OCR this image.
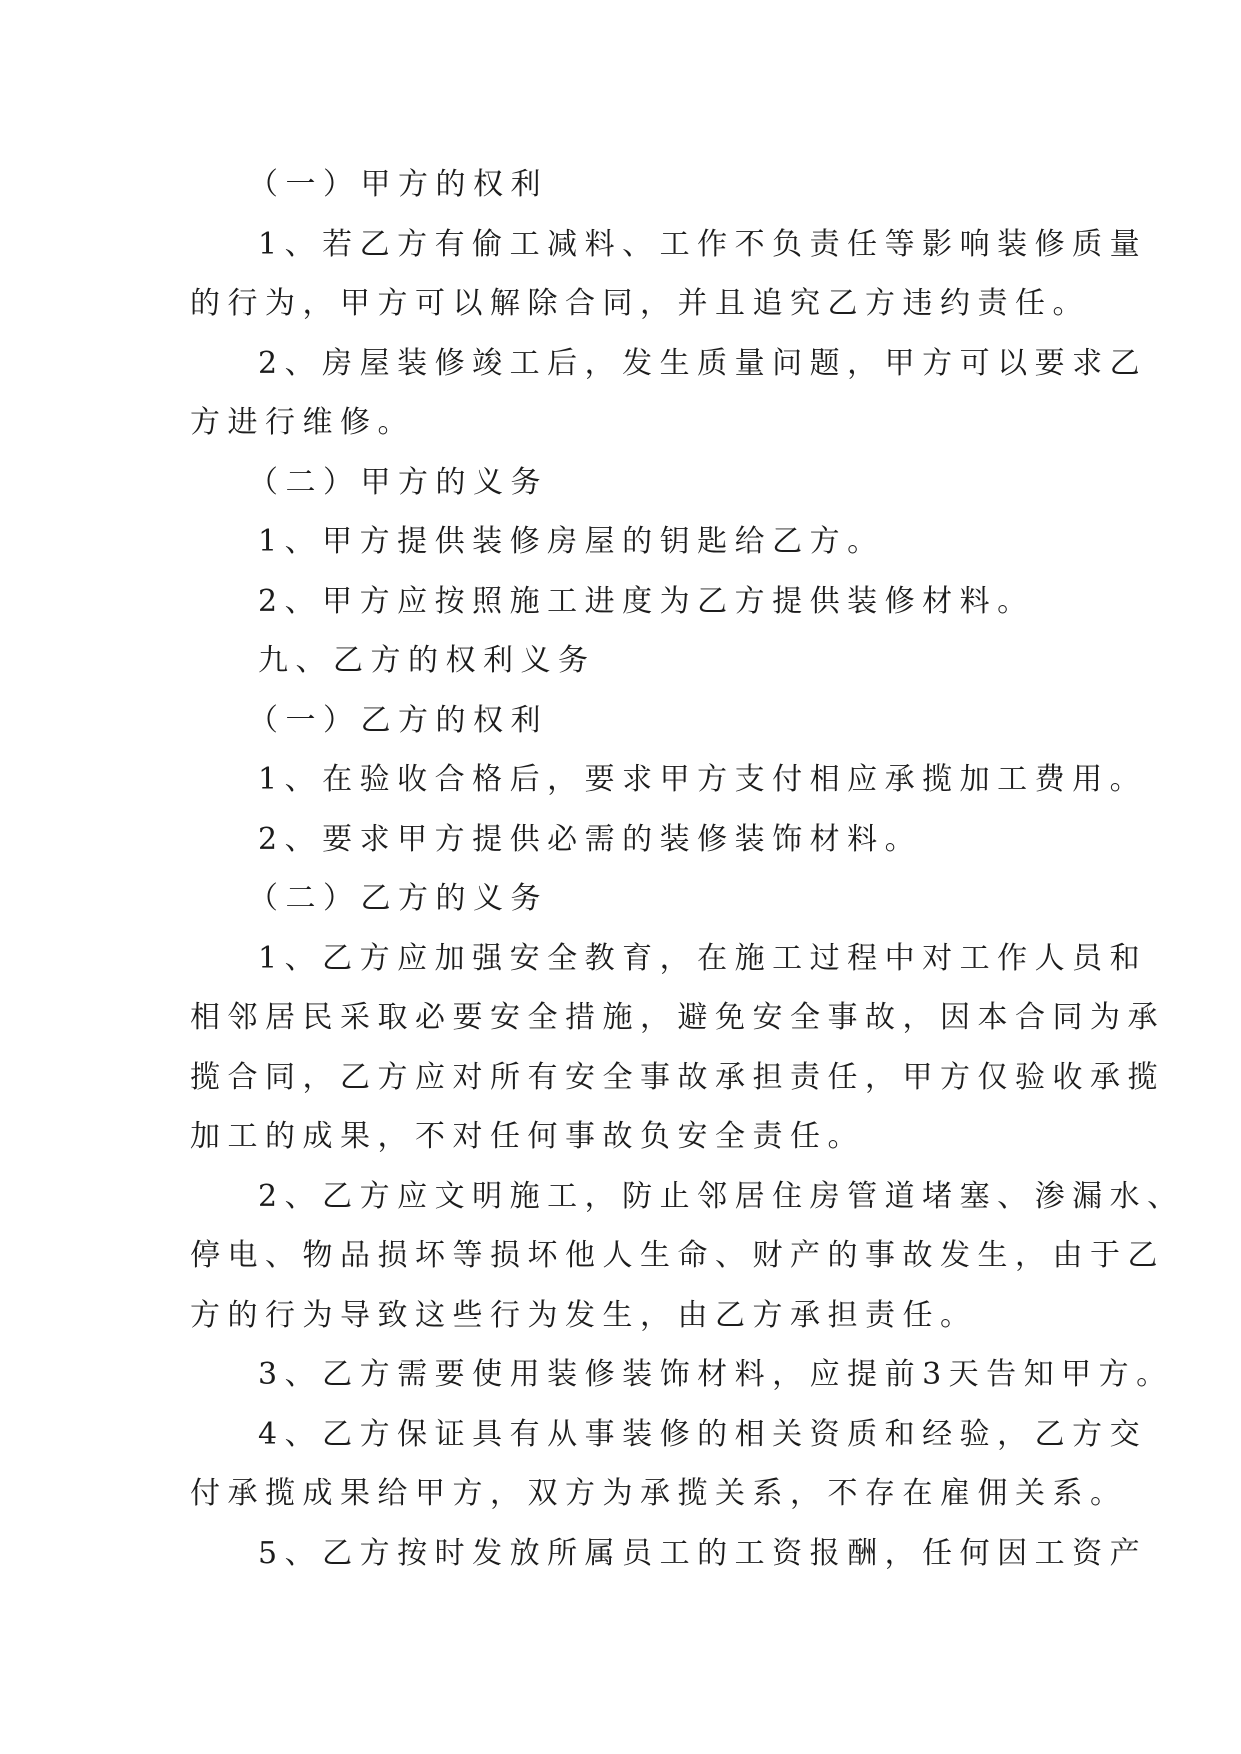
（一）甲方的权利
1、若乙方有偷工减料、工作不负责任等影响装修质量
的行为，甲方可以解除合同，并且追究乙方违约责任。
2、房屋装修竣工后，发生质量问题，甲方可以要求乙
方进行维修。
（二）甲方的义务
1、甲方提供装修房屋的钥匙给乙方。
2、甲方应按照施工进度为乙方提供装修材料。
九、乙方的权利义务
（一）乙方的权利
1、在验收合格后，要求甲方支付相应承揽加工费用。
2、要求甲方提供必需的装修装饰材料。
（二）乙方的义务
1、乙方应加强安全教育，在施工过程中对工作人员和
相邻居民采取必要安全措施，避免安全事故，因本合同为承
揽合同，乙方应对所有安全事故承担责任，甲方仅验收承揽
加工的成果，不对任何事故负安全责任。
2、乙方应文明施工，防止邻居住房管道堵塞、渗漏水、
停电、物品损坏等损坏他人生命、财产的事故发生，由于乙
方的行为导致这些行为发生，由乙方承担责任。
3、乙方需要使用装修装饰材料，应提前3天告知甲方。
4、乙方保证具有从事装修的相关资质和经验，乙方交
付承揽成果给甲方，双方为承揽关系，不存在雇佣关系。
5、乙方按时发放所属员工的工资报酬，任何因工资产
